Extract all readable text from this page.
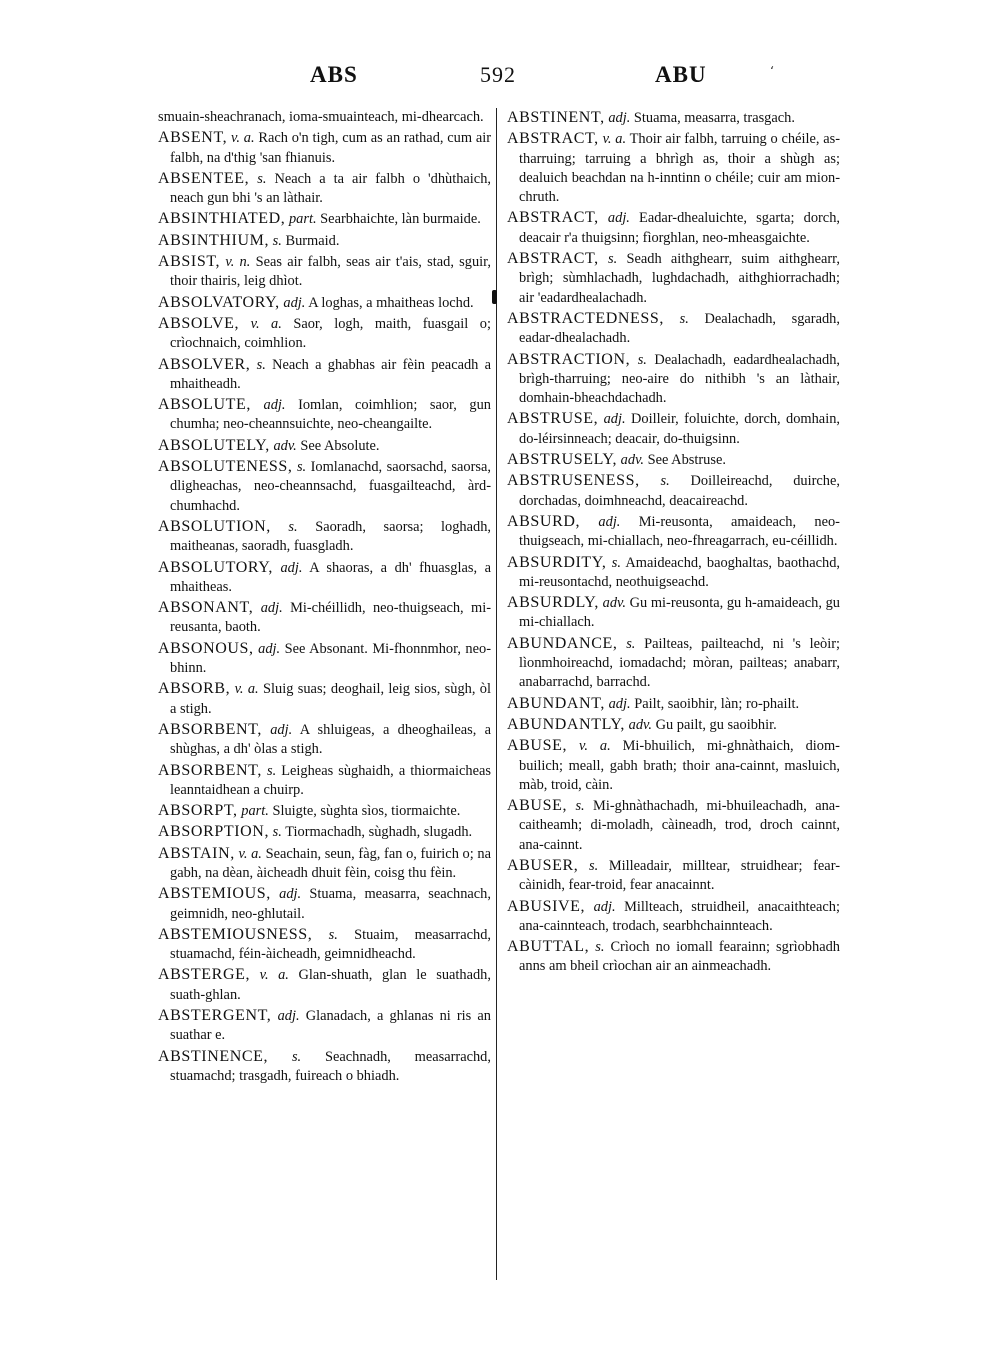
ABS	592	ABU	ʻ

smuain-sheachranach, ioma-smuainteach, mi-dhearcach.

ABSENT, v. a. Rach o'n tigh, cum as an rathad, cum air falbh, na d'thig 'san fhianuis.

ABSENTEE, s. Neach a ta air falbh o 'dhùthaich, neach gun bhi 's an làthair.

ABSINTHIATED, part. Searbhaichte, làn burmaide.

ABSINTHIUM, s. Burmaid.

ABSIST, v. n. Seas air falbh, seas air t'ais, stad, sguir, thoir thairis, leig dhìot.

ABSOLVATORY, adj. A loghas, a mhaitheas lochd.

ABSOLVE, v. a. Saor, logh, maith, fuasgail o; crìochnaich, coimhlion.

ABSOLVER, s. Neach a ghabhas air fèin peacadh a mhaitheadh.

ABSOLUTE, adj. Iomlan, coimhlion; saor, gun chumha; neo-cheannsuichte, neo-cheangailte.

ABSOLUTELY, adv. See Absolute.

ABSOLUTENESS, s. Iomlanachd, saorsachd, saorsa, dligheachas, neo-cheannsachd, fuasgailteachd, àrd-chumhachd.

ABSOLUTION, s. Saoradh, saorsa; loghadh, maitheanas, saoradh, fuasgladh.

ABSOLUTORY, adj. A shaoras, a dh' fhuasglas, a mhaitheas.

ABSONANT, adj. Mi-chéillidh, neo-thuigseach, mi-reusanta, baoth.

ABSONOUS, adj. See Absonant. Mi-fhonnmhor, neo-bhinn.

ABSORB, v. a. Sluig suas; deoghail, leig sios, sùgh, òl a stigh.

ABSORBENT, adj. A shluigeas, a dheoghaileas, a shùghas, a dh' òlas a stigh.

ABSORBENT, s. Leigheas sùghaidh, a thiormaicheas leanntaidhean a chuirp.

ABSORPT, part. Sluigte, sùghta sìos, tiormaichte.

ABSORPTION, s. Tiormachadh, sùghadh, slugadh.

ABSTAIN, v. a. Seachain, seun, fàg, fan o, fuirich o; na gabh, na dèan, àicheadh dhuit fèin, coisg thu fèin.

ABSTEMIOUS, adj. Stuama, measarra, seachnach, geimnidh, neo-ghlutail.

ABSTEMIOUSNESS, s. Stuaim, measarrachd, stuamachd, féin-àicheadh, geimnidheachd.

ABSTERGE, v. a. Glan-shuath, glan le suathadh, suath-ghlan.

ABSTERGENT, adj. Glanadach, a ghlanas ni ris an suathar e.

ABSTINENCE, s. Seachnadh, measarrachd, stuamachd; trasgadh, fuireach o bhiadh.

ABSTINENT, adj. Stuama, measarra, trasgach.

ABSTRACT, v. a. Thoir air falbh, tarruing o chéile, as-tharruing; tarruing a bhrìgh as, thoir a shùgh as; dealuich beachdan na h-inntinn o chéile; cuir am mion-chruth.

ABSTRACT, adj. Eadar-dhealuichte, sgarta; dorch, deacair r'a thuigsinn; fìorghlan, neo-mheasgaichte.

ABSTRACT, s. Seadh aithghearr, suim aithghearr, brìgh; sùmhlachadh, lughdachadh, aithghiorrachadh; air 'eadardhealachadh.

ABSTRACTEDNESS, s. Dealachadh, sgaradh, eadar-dhealachadh.

ABSTRACTION, s. Dealachadh, eadardhealachadh, brìgh-tharruing; neo-aire do nithibh 's an làthair, domhain-bheachdachadh.

ABSTRUSE, adj. Doilleir, foluichte, dorch, domhain, do-léirsinneach; deacair, do-thuigsinn.

ABSTRUSELY, adv. See Abstruse.

ABSTRUSENESS, s. Doilleireachd, duirche, dorchadas, doimhneachd, deacaireachd.

ABSURD, adj. Mi-reusonta, amaideach, neo-thuigseach, mi-chiallach, neo-fhreagarrach, eu-céillidh.

ABSURDITY, s. Amaideachd, baoghaltas, baothachd, mi-reusontachd, neothuigseachd.

ABSURDLY, adv. Gu mi-reusonta, gu h-amaideach, gu mi-chiallach.

ABUNDANCE, s. Pailteas, pailteachd, ni 's leòir; lìonmhoireachd, iomadachd; mòran, pailteas; anabarr, anabarrachd, barrachd.

ABUNDANT, adj. Pailt, saoibhir, làn; ro-phailt.

ABUNDANTLY, adv. Gu pailt, gu saoibhir.

ABUSE, v. a. Mi-bhuilich, mi-ghnàthaich, diom-builich; meall, gabh brath; thoir ana-cainnt, masluich, màb, troid, càin.

ABUSE, s. Mi-ghnàthachadh, mi-bhuileachadh, ana-caitheamh; di-moladh, càineadh, trod, droch cainnt, ana-cainnt.

ABUSER, s. Milleadair, milltear, struidhear; fear-càinidh, fear-troid, fear anacainnt.

ABUSIVE, adj. Millteach, struidheil, anacaithteach; ana-cainnteach, trodach, searbhchainnteach.

ABUTTAL, s. Crìoch no iomall fearainn; sgrìobhadh anns am bheil crìochan air an ainmeachadh.
